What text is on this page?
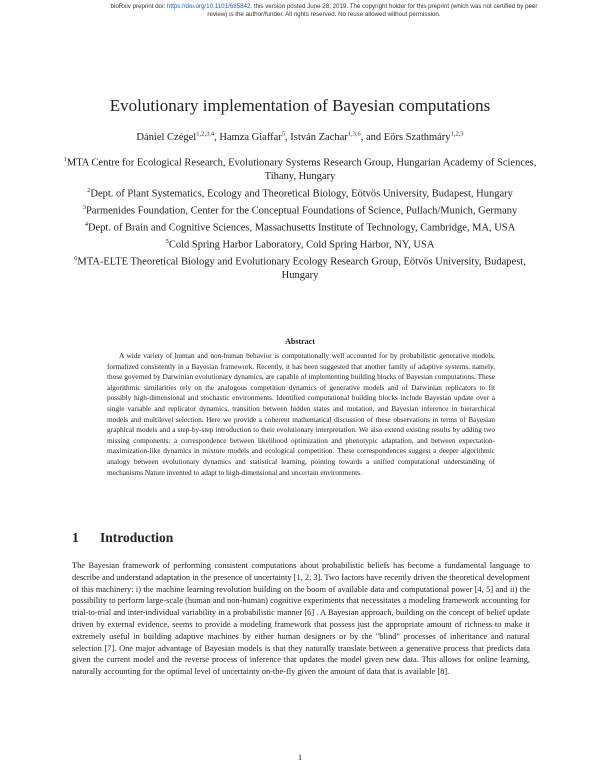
bioRxiv preprint doi: https://doi.org/10.1101/685842. this version posted June 28, 2019. The copyright holder for this preprint (which was not certified by peer review) is the author/funder. All rights reserved. No reuse allowed without permission.
Evolutionary implementation of Bayesian computations
Dániel Czégel$^{1,2,3,4}$, Hamza Giaffar$^5$, István Zachar$^{1,3,6}$, and Eörs Szathmáry$^{1,2,3}$
$^1$MTA Centre for Ecological Research, Evolutionary Systems Research Group, Hungarian Academy of Sciences, Tihany, Hungary
$^2$Dept. of Plant Systematics, Ecology and Theoretical Biology, Eötvös University, Budapest, Hungary
$^3$Parmenides Foundation, Center for the Conceptual Foundations of Science, Pullach/Munich, Germany
$^4$Dept. of Brain and Cognitive Sciences, Massachusetts Institute of Technology, Cambridge, MA, USA
$^5$Cold Spring Harbor Laboratory, Cold Spring Harbor, NY, USA
$^6$MTA-ELTE Theoretical Biology and Evolutionary Ecology Research Group, Eötvös University, Budapest, Hungary
Abstract
A wide variety of human and non-human behavior is computationally well accounted for by probabilistic generative models, formalized consistently in a Bayesian framework. Recently, it has been suggested that another family of adaptive systems, namely, those governed by Darwinian evolutionary dynamics, are capable of implementing building blocks of Bayesian computations. These algorithmic similarities rely on the analogous competition dynamics of generative models and of Darwinian replicators to fit possibly high-dimensional and stochastic environments. Identified computational building blocks include Bayesian update over a single variable and replicator dynamics, transition between hidden states and mutation, and Bayesian inference in hierarchical models and multilevel selection. Here we provide a coherent mathematical discussion of these observations in terms of Bayesian graphical models and a step-by-step introduction to their evolutionary interpretation. We also extend existing results by adding two missing components: a correspondence between likelihood optimization and phenotypic adaptation, and between expectation-maximization-like dynamics in mixture models and ecological competition. These correspondences suggest a deeper algorithmic analogy between evolutionary dynamics and statistical learning, pointing towards a unified computational understanding of mechanisms Nature invented to adapt to high-dimensional and uncertain environments.
1 Introduction
The Bayesian framework of performing consistent computations about probabilistic beliefs has become a fundamental language to describe and understand adaptation in the presence of uncertainty [1, 2, 3]. Two factors have recently driven the theoretical development of this machinery: i) the machine learning revolution building on the boom of available data and computational power [4, 5] and ii) the possibility to perform large-scale (human and non-human) cognitive experiments that necessitates a modeling framework accounting for trial-to-trial and inter-individual variability in a probabilistic manner [6] . A Bayesian approach, building on the concept of belief update driven by external evidence, seems to provide a modeling framework that possess just the appropriate amount of richness to make it extremely useful in building adaptive machines by either human designers or by the "blind" processes of inheritance and natural selection [7]. One major advantage of Bayesian models is that they naturally translate between a generative process that predicts data given the current model and the reverse process of inference that updates the model given new data. This allows for online learning, naturally accounting for the optimal level of uncertainty on-the-fly given the amount of data that is available [8].
1
